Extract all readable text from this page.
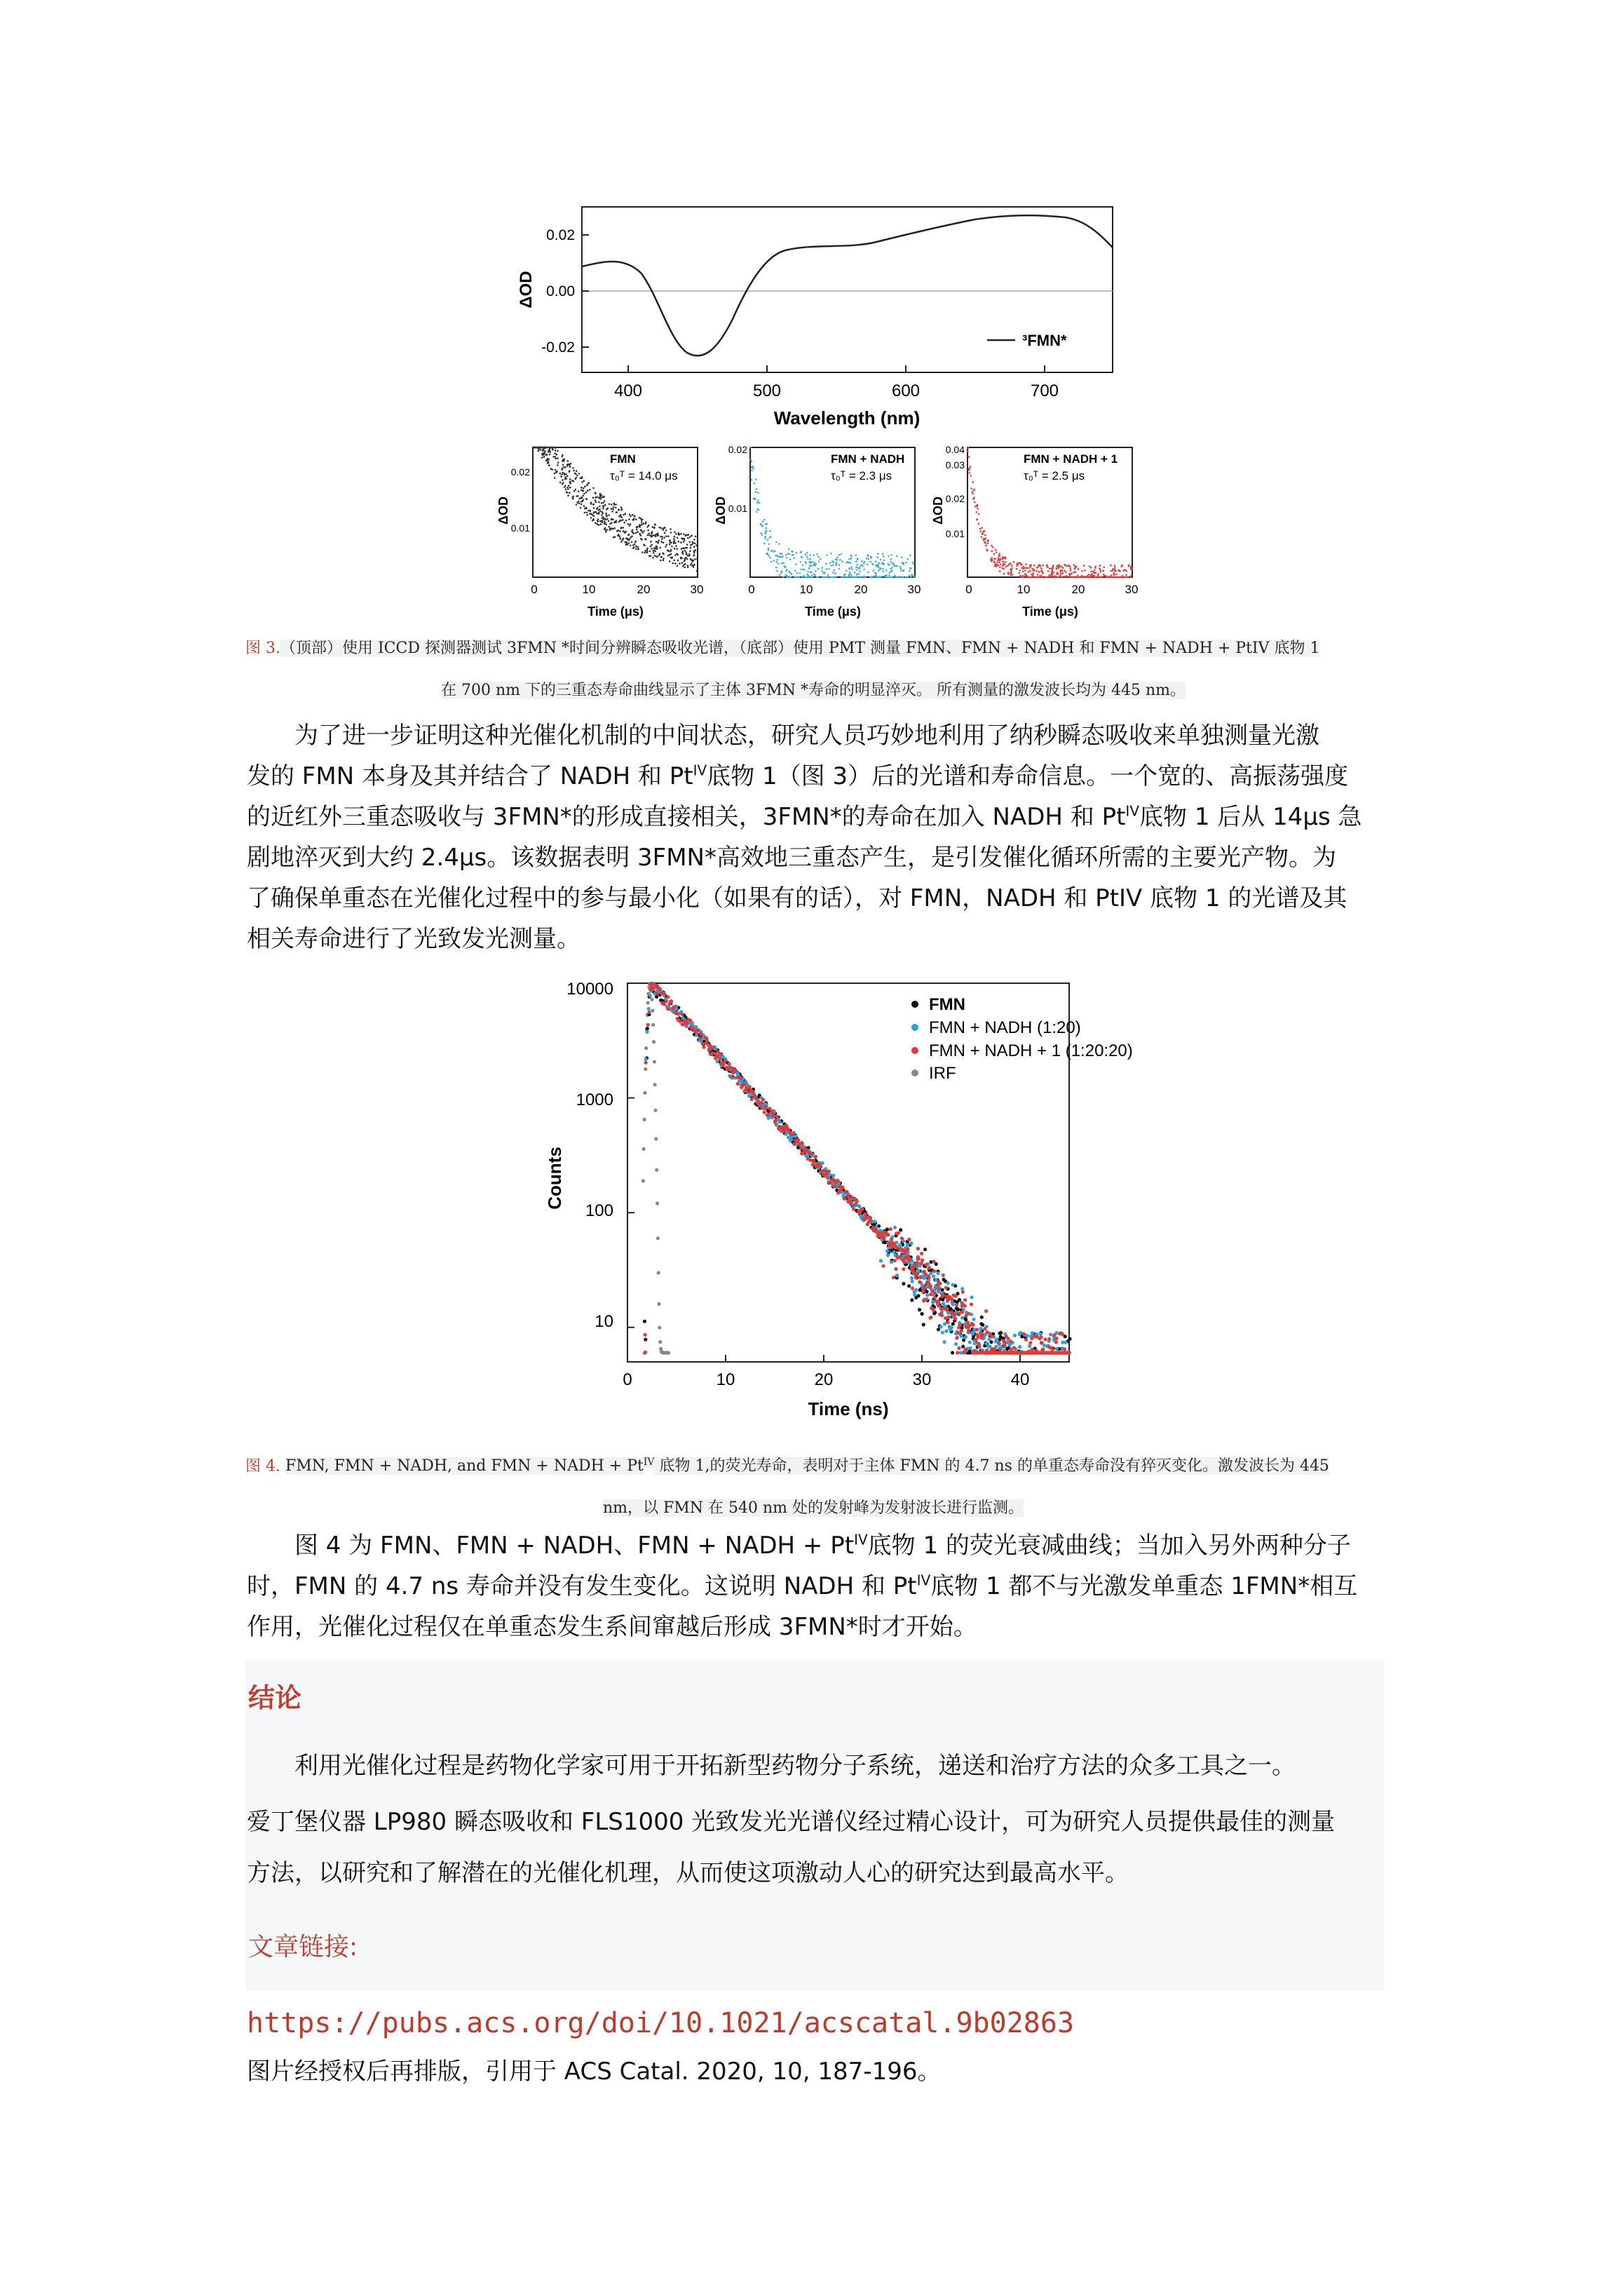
0.02
0.00
-0.02
400	500	600	700
Wavelength (nm)
ΔOD
³FMN*
FMN
τ₀ᵀ = 14.0 μs
0.02
0.01
0	10	20	30
Time (μs)
ΔOD
FMN + NADH
τ₀ᵀ = 2.3 μs
0.02
0.01
0	10	20	30
Time (μs)
ΔOD
FMN + NADH + 1
τ₀ᵀ = 2.5 μs
0.04
0.03
0.02
0.01
0	10	20	30
Time (μs)
ΔOD
图 3.（顶部）使用 ICCD 探测器测试 3FMN *时间分辨瞬态吸收光谱，（底部）使用 PMT 测量 FMN、FMN + NADH 和 FMN + NADH + PtIV 底物 1
在 700 nm 下的三重态寿命曲线显示了主体 3FMN *寿命的明显淬灭。 所有测量的激发波长均为 445 nm。
为了进一步证明这种光催化机制的中间状态，研究人员巧妙地利用了纳秒瞬态吸收来单独测量光激
发的 FMN 本身及其并结合了 NADH 和 $Pt^{IV}$底物 1（图 3）后的光谱和寿命信息。一个宽的、高振荡强度
的近红外三重态吸收与 3FMN*的形成直接相关，3FMN*的寿命在加入 NADH 和 $Pt^{IV}$底物 1 后从 14μs 急
剧地淬灭到大约 2.4μs。该数据表明 3FMN*高效地三重态产生，是引发催化循环所需的主要光产物。为
了确保单重态在光催化过程中的参与最小化（如果有的话），对 FMN，NADH 和 PtIV 底物 1 的光谱及其
相关寿命进行了光致发光测量。
10000
1000
100
10
0	10	20	30	40
Time (ns)
Counts
FMN
FMN + NADH (1:20)
FMN + NADH + 1 (1:20:20)
IRF
图 4. FMN, FMN + NADH, and FMN + NADH + $Pt^{IV}$ 底物 1,的荧光寿命，表明对于主体 FMN 的 4.7 ns 的单重态寿命没有猝灭变化。激发波长为 445
nm，以 FMN 在 540 nm 处的发射峰为发射波长进行监测。
图 4 为 FMN、FMN + NADH、FMN + NADH + $Pt^{IV}$底物 1 的荧光衰减曲线；当加入另外两种分子
时，FMN 的 4.7 ns 寿命并没有发生变化。这说明 NADH 和 $Pt^{IV}$底物 1 都不与光激发单重态 1FMN*相互
作用，光催化过程仅在单重态发生系间窜越后形成 3FMN*时才开始。
结论
利用光催化过程是药物化学家可用于开拓新型药物分子系统，递送和治疗方法的众多工具之一。
爱丁堡仪器 LP980 瞬态吸收和 FLS1000 光致发光光谱仪经过精心设计，可为研究人员提供最佳的测量
方法，以研究和了解潜在的光催化机理，从而使这项激动人心的研究达到最高水平。
文章链接:
https://pubs.acs.org/doi/10.1021/acscatal.9b02863
图片经授权后再排版，引用于 ACS Catal. 2020, 10, 187-196。
